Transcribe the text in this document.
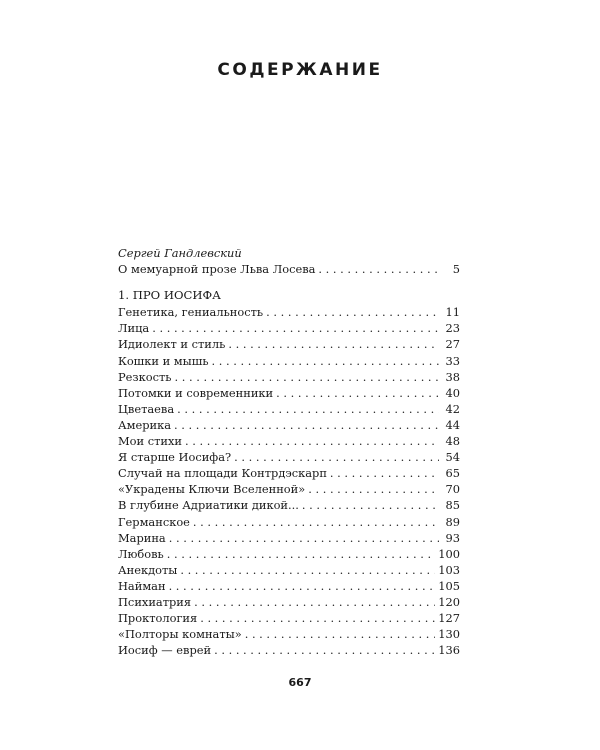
СОДЕРЖАНИЕ
Сергей Гандлевский
О мемуарной прозе Льва Лосева . . .	5
1. ПРО ИОСИФА
Генетика, гениальность . . .	11
Лица . . .	23
Идиолект и стиль . . .	27
Кошки и мышь . . .	33
Резкость . . .	38
Потомки и современники . . .	40
Цветаева . . .	42
Америка . . .	44
Мои стихи . . .	48
Я старше Иосифа? . . .	54
Случай на площади Контрдэскарп . . .	65
«Украдены Ключи Вселенной» . . .	70
В глубине Адриатики дикой... . . .	85
Германское . . .	89
Марина . . .	93
Любовь . . .	100
Анекдоты . . .	103
Найман . . .	105
Психиатрия . . .	120
Проктология . . .	127
«Полторы комнаты» . . .	130
Иосиф — еврей . . .	136
667
